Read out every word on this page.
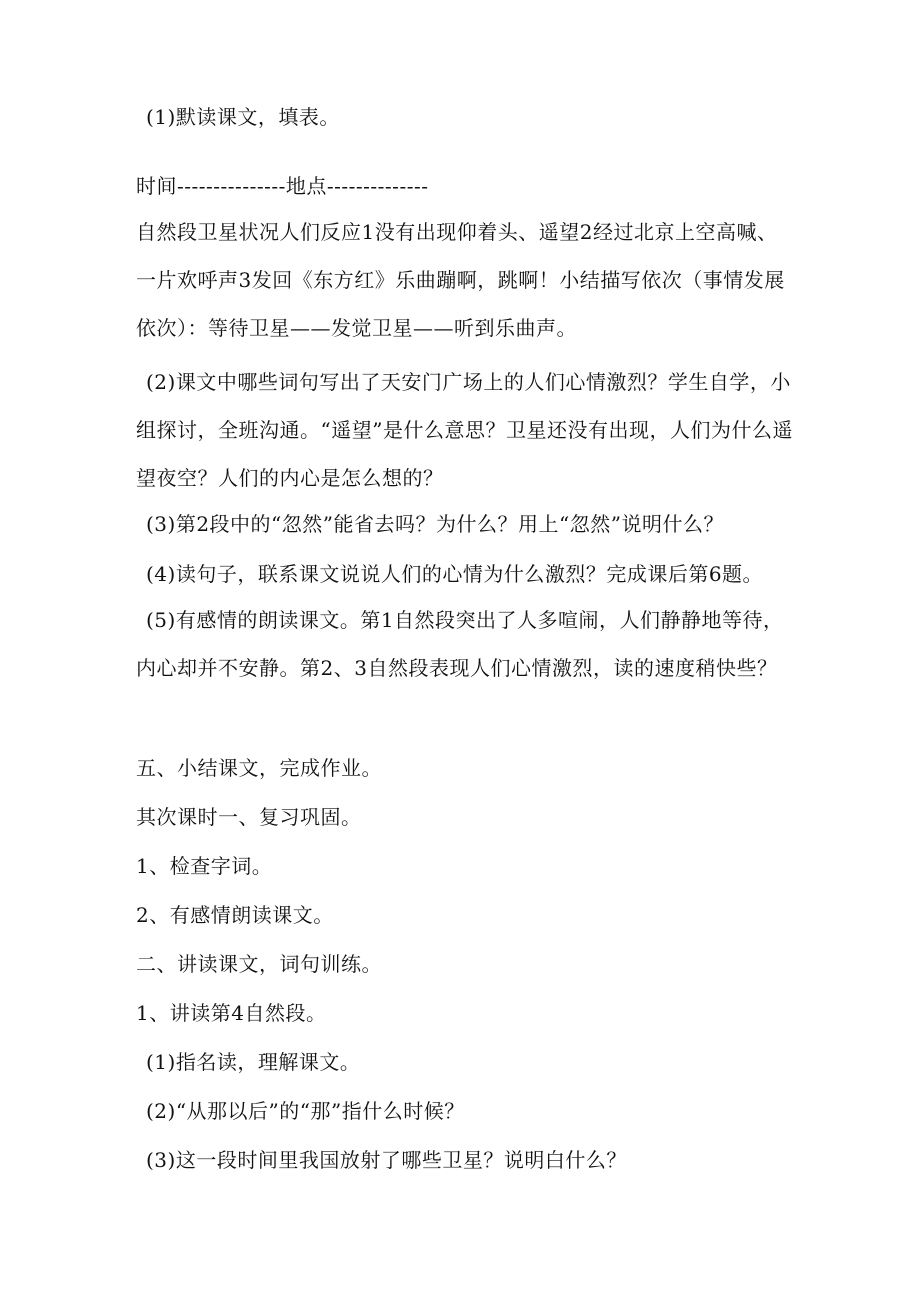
(1)默读课文，填表。
时间---------------地点--------------
自然段卫星状况人们反应1没有出现仰着头、遥望2经过北京上空高喊、一片欢呼声3发回《东方红》乐曲蹦啊，跳啊！小结描写依次（事情发展依次）：等待卫星——发觉卫星——听到乐曲声。
(2)课文中哪些词句写出了天安门广场上的人们心情激烈？学生自学，小组探讨，全班沟通。“遥望”是什么意思？卫星还没有出现，人们为什么遥望夜空？人们的内心是怎么想的？
(3)第2段中的“忽然”能省去吗？为什么？用上“忽然”说明什么？
(4)读句子，联系课文说说人们的心情为什么激烈？完成课后第6题。
(5)有感情的朗读课文。第1自然段突出了人多喧闹，人们静静地等待，内心却并不安静。第2、3自然段表现人们心情激烈，读的速度稍快些？
五、小结课文，完成作业。
其次课时一、复习巩固。
1、检查字词。
2、有感情朗读课文。
二、讲读课文，词句训练。
1、讲读第4自然段。
(1)指名读，理解课文。
(2)“从那以后”的“那”指什么时候？
(3)这一段时间里我国放射了哪些卫星？说明白什么？
